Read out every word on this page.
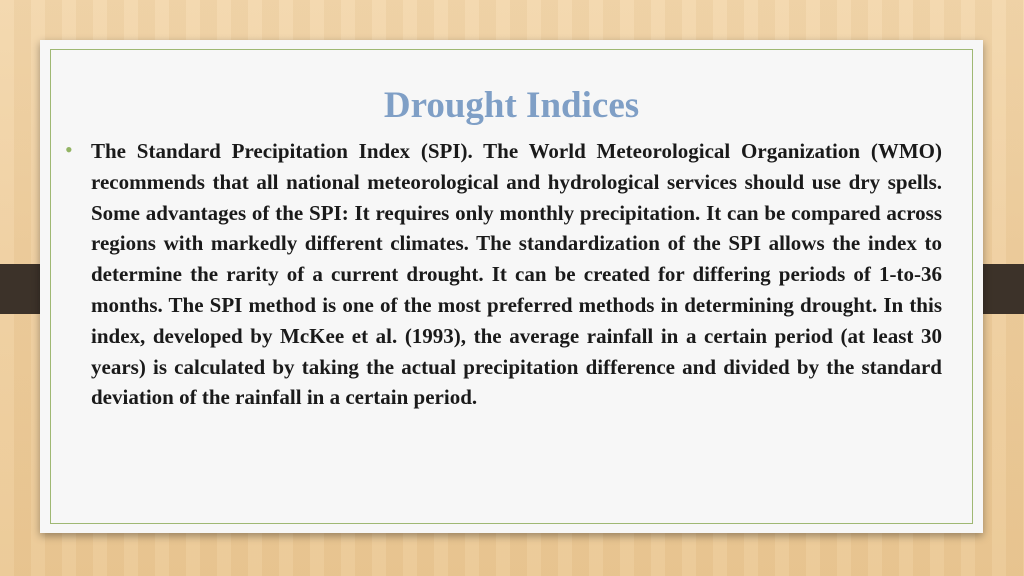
Drought Indices
• The Standard Precipitation Index (SPI). The World Meteorological Organization (WMO) recommends that all national meteorological and hydrological services should use dry spells. Some advantages of the SPI: It requires only monthly precipitation. It can be compared across regions with markedly different climates. The standardization of the SPI allows the index to determine the rarity of a current drought. It can be created for differing periods of 1-to-36 months. The SPI method is one of the most preferred methods in determining drought. In this index, developed by McKee et al. (1993), the average rainfall in a certain period (at least 30 years) is calculated by taking the actual precipitation difference and divided by the standard deviation of the rainfall in a certain period.
